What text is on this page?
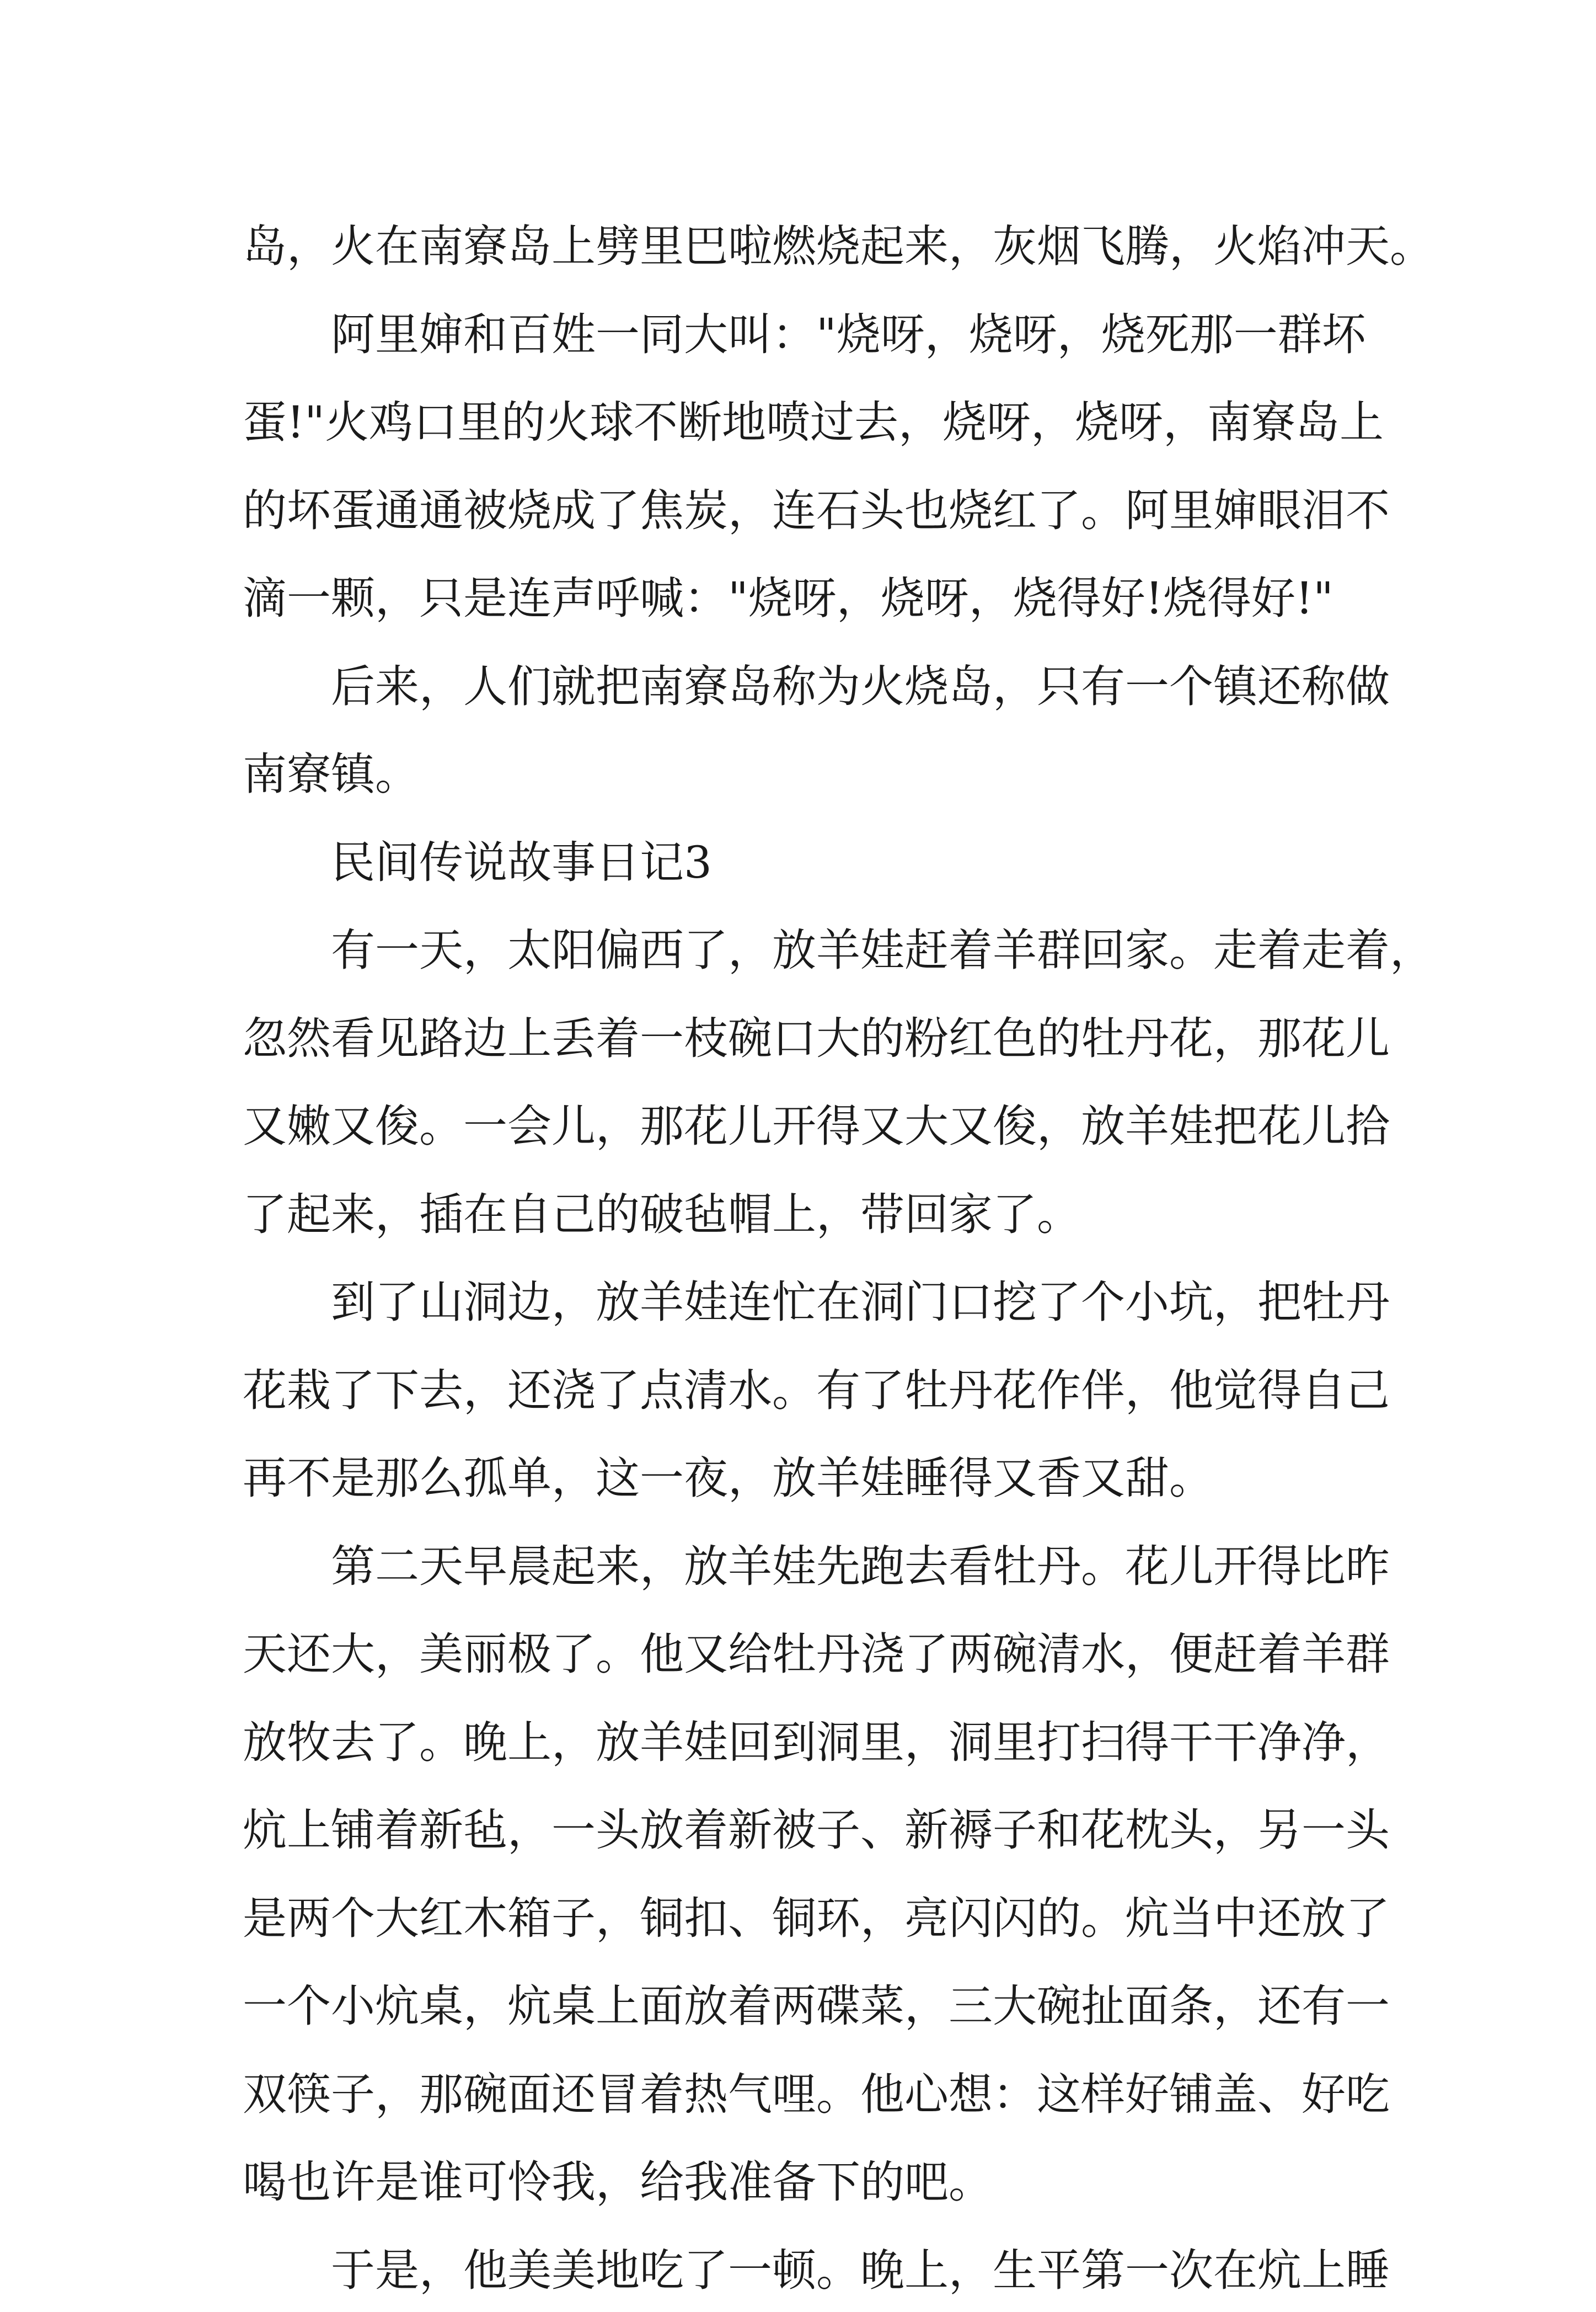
岛，火在南寮岛上劈里巴啦燃烧起来，灰烟飞腾，火焰冲天。
阿里婶和百姓一同大叫："烧呀，烧呀，烧死那一群坏
蛋!"火鸡口里的火球不断地喷过去，烧呀，烧呀，南寮岛上
的坏蛋通通被烧成了焦炭，连石头也烧红了。阿里婶眼泪不
滴一颗，只是连声呼喊："烧呀，烧呀，烧得好!烧得好!"
后来，人们就把南寮岛称为火烧岛，只有一个镇还称做
南寮镇。
民间传说故事日记3
有一天，太阳偏西了，放羊娃赶着羊群回家。走着走着，
忽然看见路边上丢着一枝碗口大的粉红色的牡丹花，那花儿
又嫩又俊。一会儿，那花儿开得又大又俊，放羊娃把花儿拾
了起来，插在自己的破毡帽上，带回家了。
到了山洞边，放羊娃连忙在洞门口挖了个小坑，把牡丹
花栽了下去，还浇了点清水。有了牡丹花作伴，他觉得自己
再不是那么孤单，这一夜，放羊娃睡得又香又甜。
第二天早晨起来，放羊娃先跑去看牡丹。花儿开得比昨
天还大，美丽极了。他又给牡丹浇了两碗清水，便赶着羊群
放牧去了。晚上，放羊娃回到洞里，洞里打扫得干干净净，
炕上铺着新毡，一头放着新被子、新褥子和花枕头，另一头
是两个大红木箱子，铜扣、铜环，亮闪闪的。炕当中还放了
一个小炕桌，炕桌上面放着两碟菜，三大碗扯面条，还有一
双筷子，那碗面还冒着热气哩。他心想：这样好铺盖、好吃
喝也许是谁可怜我，给我准备下的吧。
于是，他美美地吃了一顿。晚上，生平第一次在炕上睡
